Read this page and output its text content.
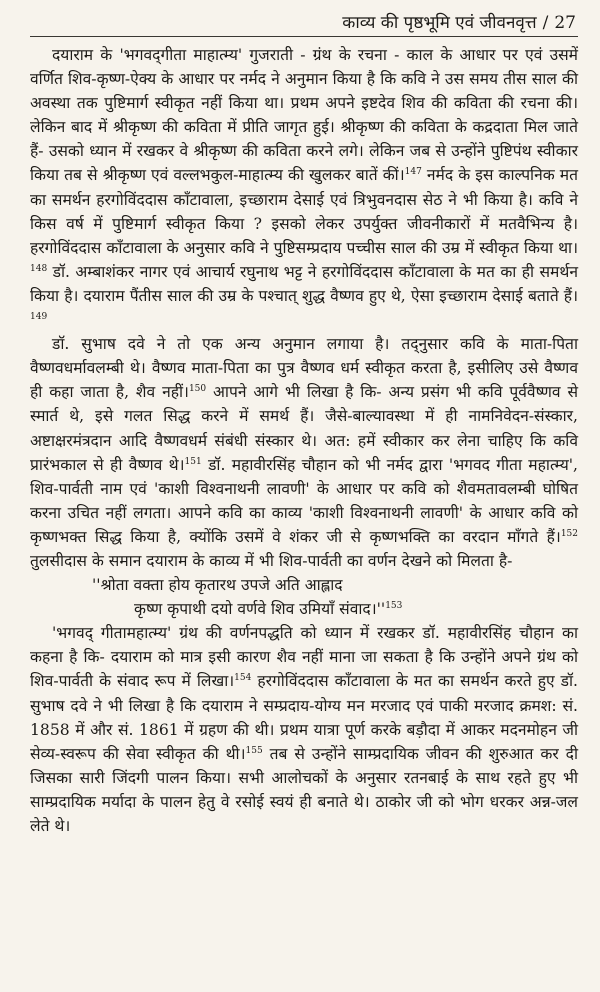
काव्य की पृष्ठभूमि एवं जीवनवृत्त / 27

दयाराम के 'भगवद्‌गीता माहात्म्य' गुजराती - ग्रंथ के रचना - काल के आधार पर एवं उसमें वर्णित शिव-कृष्ण-ऐक्य के आधार पर नर्मद ने अनुमान किया है कि कवि ने उस समय तीस साल की अवस्था तक पुष्टिमार्ग स्वीकृत नहीं किया था। प्रथम अपने इष्टदेव शिव की कविता की रचना की। लेकिन बाद में श्रीकृष्ण की कविता में प्रीति जागृत हुई। श्रीकृष्ण की कविता के कद्रदाता मिल जाते हैं- उसको ध्यान में रखकर वे श्रीकृष्ण की कविता करने लगे। लेकिन जब से उन्होंने पुष्टिपंथ स्वीकार किया तब से श्रीकृष्ण एवं वल्लभकुल-माहात्म्य की खुलकर बातें कीं।$^{147}$ नर्मद के इस काल्पनिक मत का समर्थन हरगोविंददास काँटावाला, इच्छाराम देसाई एवं त्रिभुवनदास सेठ ने भी किया है। कवि ने किस वर्ष में पुष्टिमार्ग स्वीकृत किया ? इसको लेकर उपर्युक्त जीवनीकारों में मतवैभिन्य है। हरगोविंददास काँटावाला के अनुसार कवि ने पुष्टिसम्प्रदाय पच्चीस साल की उम्र में स्वीकृत किया था।$^{148}$ डॉ. अम्बाशंकर नागर एवं आचार्य रघुनाथ भट्ट ने हरगोविंददास काँटावाला के मत का ही समर्थन किया है। दयाराम पैंतीस साल की उम्र के पश्चात् शुद्ध वैष्णव हुए थे, ऐसा इच्छाराम देसाई बताते हैं।$^{149}$

डॉ. सुभाष दवे ने तो एक अन्य अनुमान लगाया है। तद्नुसार कवि के माता-पिता वैष्णवधर्मावलम्बी थे। वैष्णव माता-पिता का पुत्र वैष्णव धर्म स्वीकृत करता है, इसीलिए उसे वैष्णव ही कहा जाता है, शैव नहीं।$^{150}$ आपने आगे भी लिखा है कि- अन्य प्रसंग भी कवि पूर्ववैष्णव से स्मार्त थे, इसे गलत सिद्ध करने में समर्थ हैं। जैसे-बाल्यावस्था में ही नामनिवेदन-संस्कार, अष्टाक्षरमंत्रदान आदि वैष्णवधर्म संबंधी संस्कार थे। अत: हमें स्वीकार कर लेना चाहिए कि कवि प्रारंभकाल से ही वैष्णव थे।$^{151}$ डॉ. महावीरसिंह चौहान को भी नर्मद द्वारा 'भगवद गीता महात्म्य', शिव-पार्वती नाम एवं 'काशी विश्वनाथनी लावणी' के आधार पर कवि को शैवमतावलम्बी घोषित करना उचित नहीं लगता। आपने कवि का काव्य 'काशी विश्वनाथनी लावणी' के आधार कवि को कृष्णभक्त सिद्ध किया है, क्योंकि उसमें वे शंकर जी से कृष्णभक्ति का वरदान माँगते हैं।$^{152}$ तुलसीदास के समान दयाराम के काव्य में भी शिव-पार्वती का वर्णन देखने को मिलता है-

''श्रोता वक्ता होय कृतारथ उपजे अति आह्लाद

कृष्ण कृपाथी दयो वर्णवे शिव उमियाँ $संवाद।''^{153}$

'भगवद् गीतामहात्म्य' ग्रंथ की वर्णनपद्धति को ध्यान में रखकर डॉ. महावीरसिंह चौहान का कहना है कि- दयाराम को मात्र इसी कारण शैव नहीं माना जा सकता है कि उन्होंने अपने ग्रंथ को शिव-पार्वती के संवाद रूप में लिखा।$^{154}$ हरगोविंददास काँटावाला के मत का समर्थन करते हुए डॉ. सुभाष दवे ने भी लिखा है कि दयाराम ने सम्प्रदाय-योग्य मन मरजाद एवं पाकी मरजाद क्रमश: सं. 1858 में और सं. 1861 में ग्रहण की थी। प्रथम यात्रा पूर्ण करके बड़ौदा में आकर मदनमोहन जी सेव्य-स्वरूप की सेवा स्वीकृत की थी।$^{155}$ तब से उन्होंने साम्प्रदायिक जीवन की शुरुआत कर दी जिसका सारी जिंदगी पालन किया। सभी आलोचकों के अनुसार रतनबाई के साथ रहते हुए भी साम्प्रदायिक मर्यादा के पालन हेतु वे रसोई स्वयं ही बनाते थे। ठाकोर जी को भोग धरकर अन्न-जल लेते थे।
